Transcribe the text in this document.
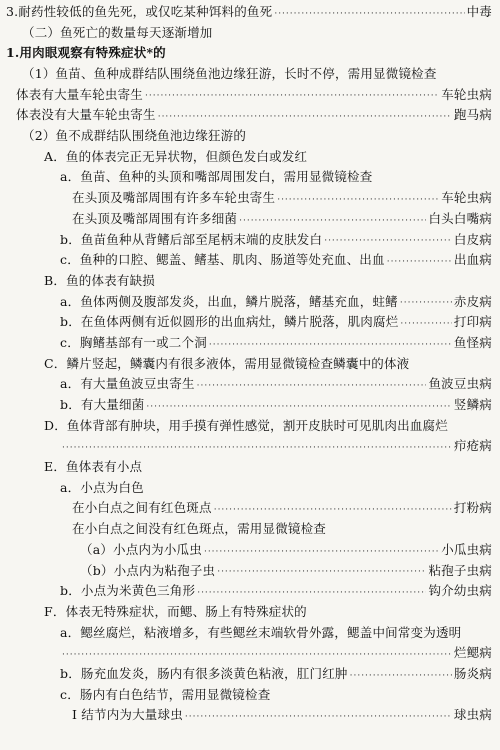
3.耐药性较低的鱼先死，或仅吃某种饵料的鱼死 ·····	中毒
（二）鱼死亡的数量每天逐渐增加
1.用肉眼观察有特殊症状*的
（1）鱼苗、鱼种成群结队围绕鱼池边缘狂游，长时不停，需用显微镜检查
体表有大量车轮虫寄生 ·····	车轮虫病
体表没有大量车轮虫寄生 ·····	跑马病
（2）鱼不成群结队围绕鱼池边缘狂游的
A．鱼的体表完正无异状物，但颜色发白或发红
a．鱼苗、鱼种的头顶和嘴部周围发白，需用显微镜检查
在头顶及嘴部周围有许多车轮虫寄生 ·····	车轮虫病
在头顶及嘴部周围有许多细菌 ·····	白头白嘴病
b．鱼苗鱼种从背鳍后部至尾柄末端的皮肤发白 ·····	白皮病
c．鱼种的口腔、鳃盖、鳍基、肌肉、肠道等处充血、出血 ·····	出血病
B．鱼的体表有缺损
a．鱼体两侧及腹部发炎，出血，鳞片脱落，鳍基充血，蛀鳍 ·····	赤皮病
b．在鱼体两侧有近似圆形的出血病灶，鳞片脱落，肌肉腐烂 ·····	打印病
c．胸鳍基部有一或二个洞 ·····	鱼怪病
C．鳞片竖起，鳞囊内有很多液体，需用显微镜检查鳞囊中的体液
a．有大量鱼波豆虫寄生 ·····	鱼波豆虫病
b．有大量细菌 ·····	竖鳞病
D．鱼体背部有肿块，用手摸有弹性感觉，割开皮肤时可见肌肉出血腐烂
·····
疖疮病
E．鱼体表有小点
a．小点为白色
在小白点之间有红色斑点 ·····	打粉病
在小白点之间没有红色斑点，需用显微镜检查
（a）小点内为小瓜虫 ·····	小瓜虫病
（b）小点内为粘孢子虫 ·····	粘孢子虫病
b．小点为米黄色三角形 ·····	钩介幼虫病
F．体表无特殊症状，而鳃、肠上有特殊症状的
a．鳃丝腐烂，粘液增多，有些鳃丝末端软骨外露，鳃盖中间常变为透明
·····
烂鳃病
b．肠充血发炎，肠内有很多淡黄色粘液，肛门红肿 ·····	肠炎病
c．肠内有白色结节，需用显微镜检查
Ⅰ 结节内为大量球虫 ·····	球虫病
